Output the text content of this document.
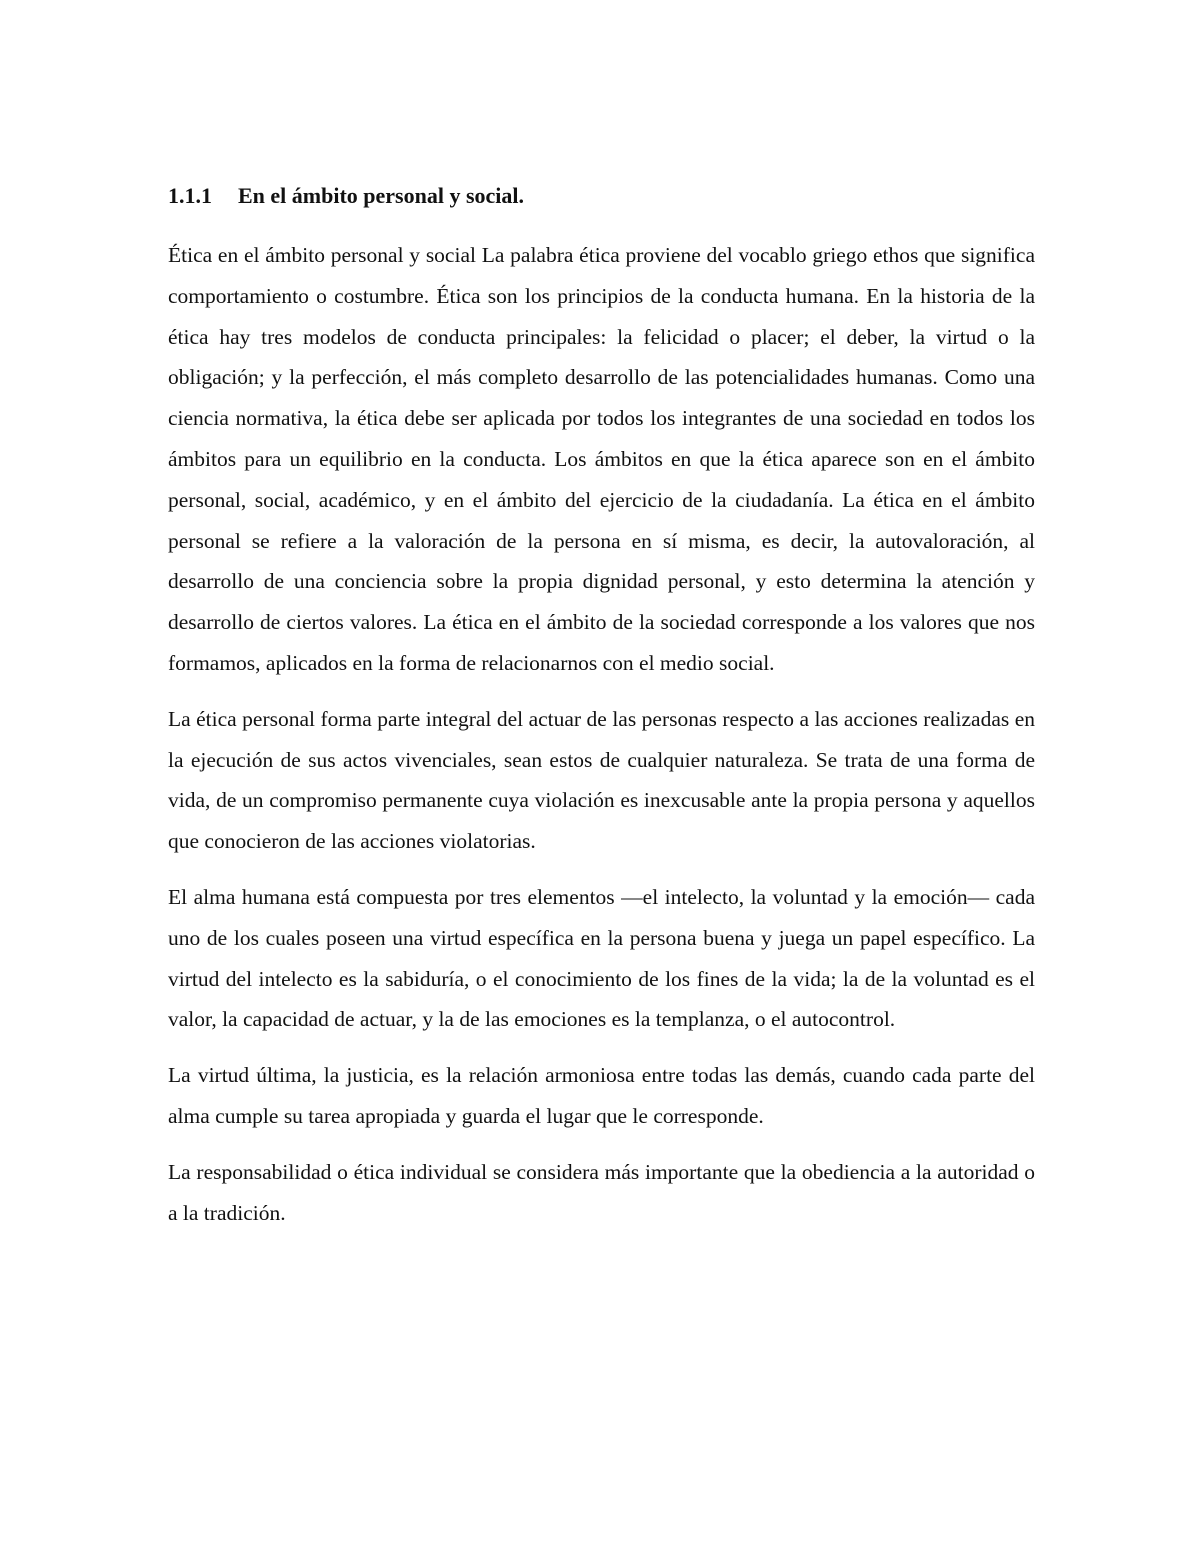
1.1.1	En el ámbito personal y social.

Ética en el ámbito personal y social La palabra ética proviene del vocablo griego ethos que significa comportamiento o costumbre. Ética son los principios de la conducta humana. En la historia de la ética hay tres modelos de conducta principales: la felicidad o placer; el deber, la virtud o la obligación; y la perfección, el más completo desarrollo de las potencialidades humanas. Como una ciencia normativa, la ética debe ser aplicada por todos los integrantes de una sociedad en todos los ámbitos para un equilibrio en la conducta. Los ámbitos en que la ética aparece son en el ámbito personal, social, académico, y en el ámbito del ejercicio de la ciudadanía. La ética en el ámbito personal se refiere a la valoración de la persona en sí misma, es decir, la autovaloración, al desarrollo de una conciencia sobre la propia dignidad personal, y esto determina la atención y desarrollo de ciertos valores. La ética en el ámbito de la sociedad corresponde a los valores que nos formamos, aplicados en la forma de relacionarnos con el medio social.

La ética personal forma parte integral del actuar de las personas respecto a las acciones realizadas en la ejecución de sus actos vivenciales, sean estos de cualquier naturaleza. Se trata de una forma de vida, de un compromiso permanente cuya violación es inexcusable ante la propia persona y aquellos que conocieron de las acciones violatorias.

El alma humana está compuesta por tres elementos —el intelecto, la voluntad y la emoción— cada uno de los cuales poseen una virtud específica en la persona buena y juega un papel específico. La virtud del intelecto es la sabiduría, o el conocimiento de los fines de la vida; la de la voluntad es el valor, la capacidad de actuar, y la de las emociones es la templanza, o el autocontrol.

La virtud última, la justicia, es la relación armoniosa entre todas las demás, cuando cada parte del alma cumple su tarea apropiada y guarda el lugar que le corresponde.

La responsabilidad o ética individual se considera más importante que la obediencia a la autoridad o a la tradición.
